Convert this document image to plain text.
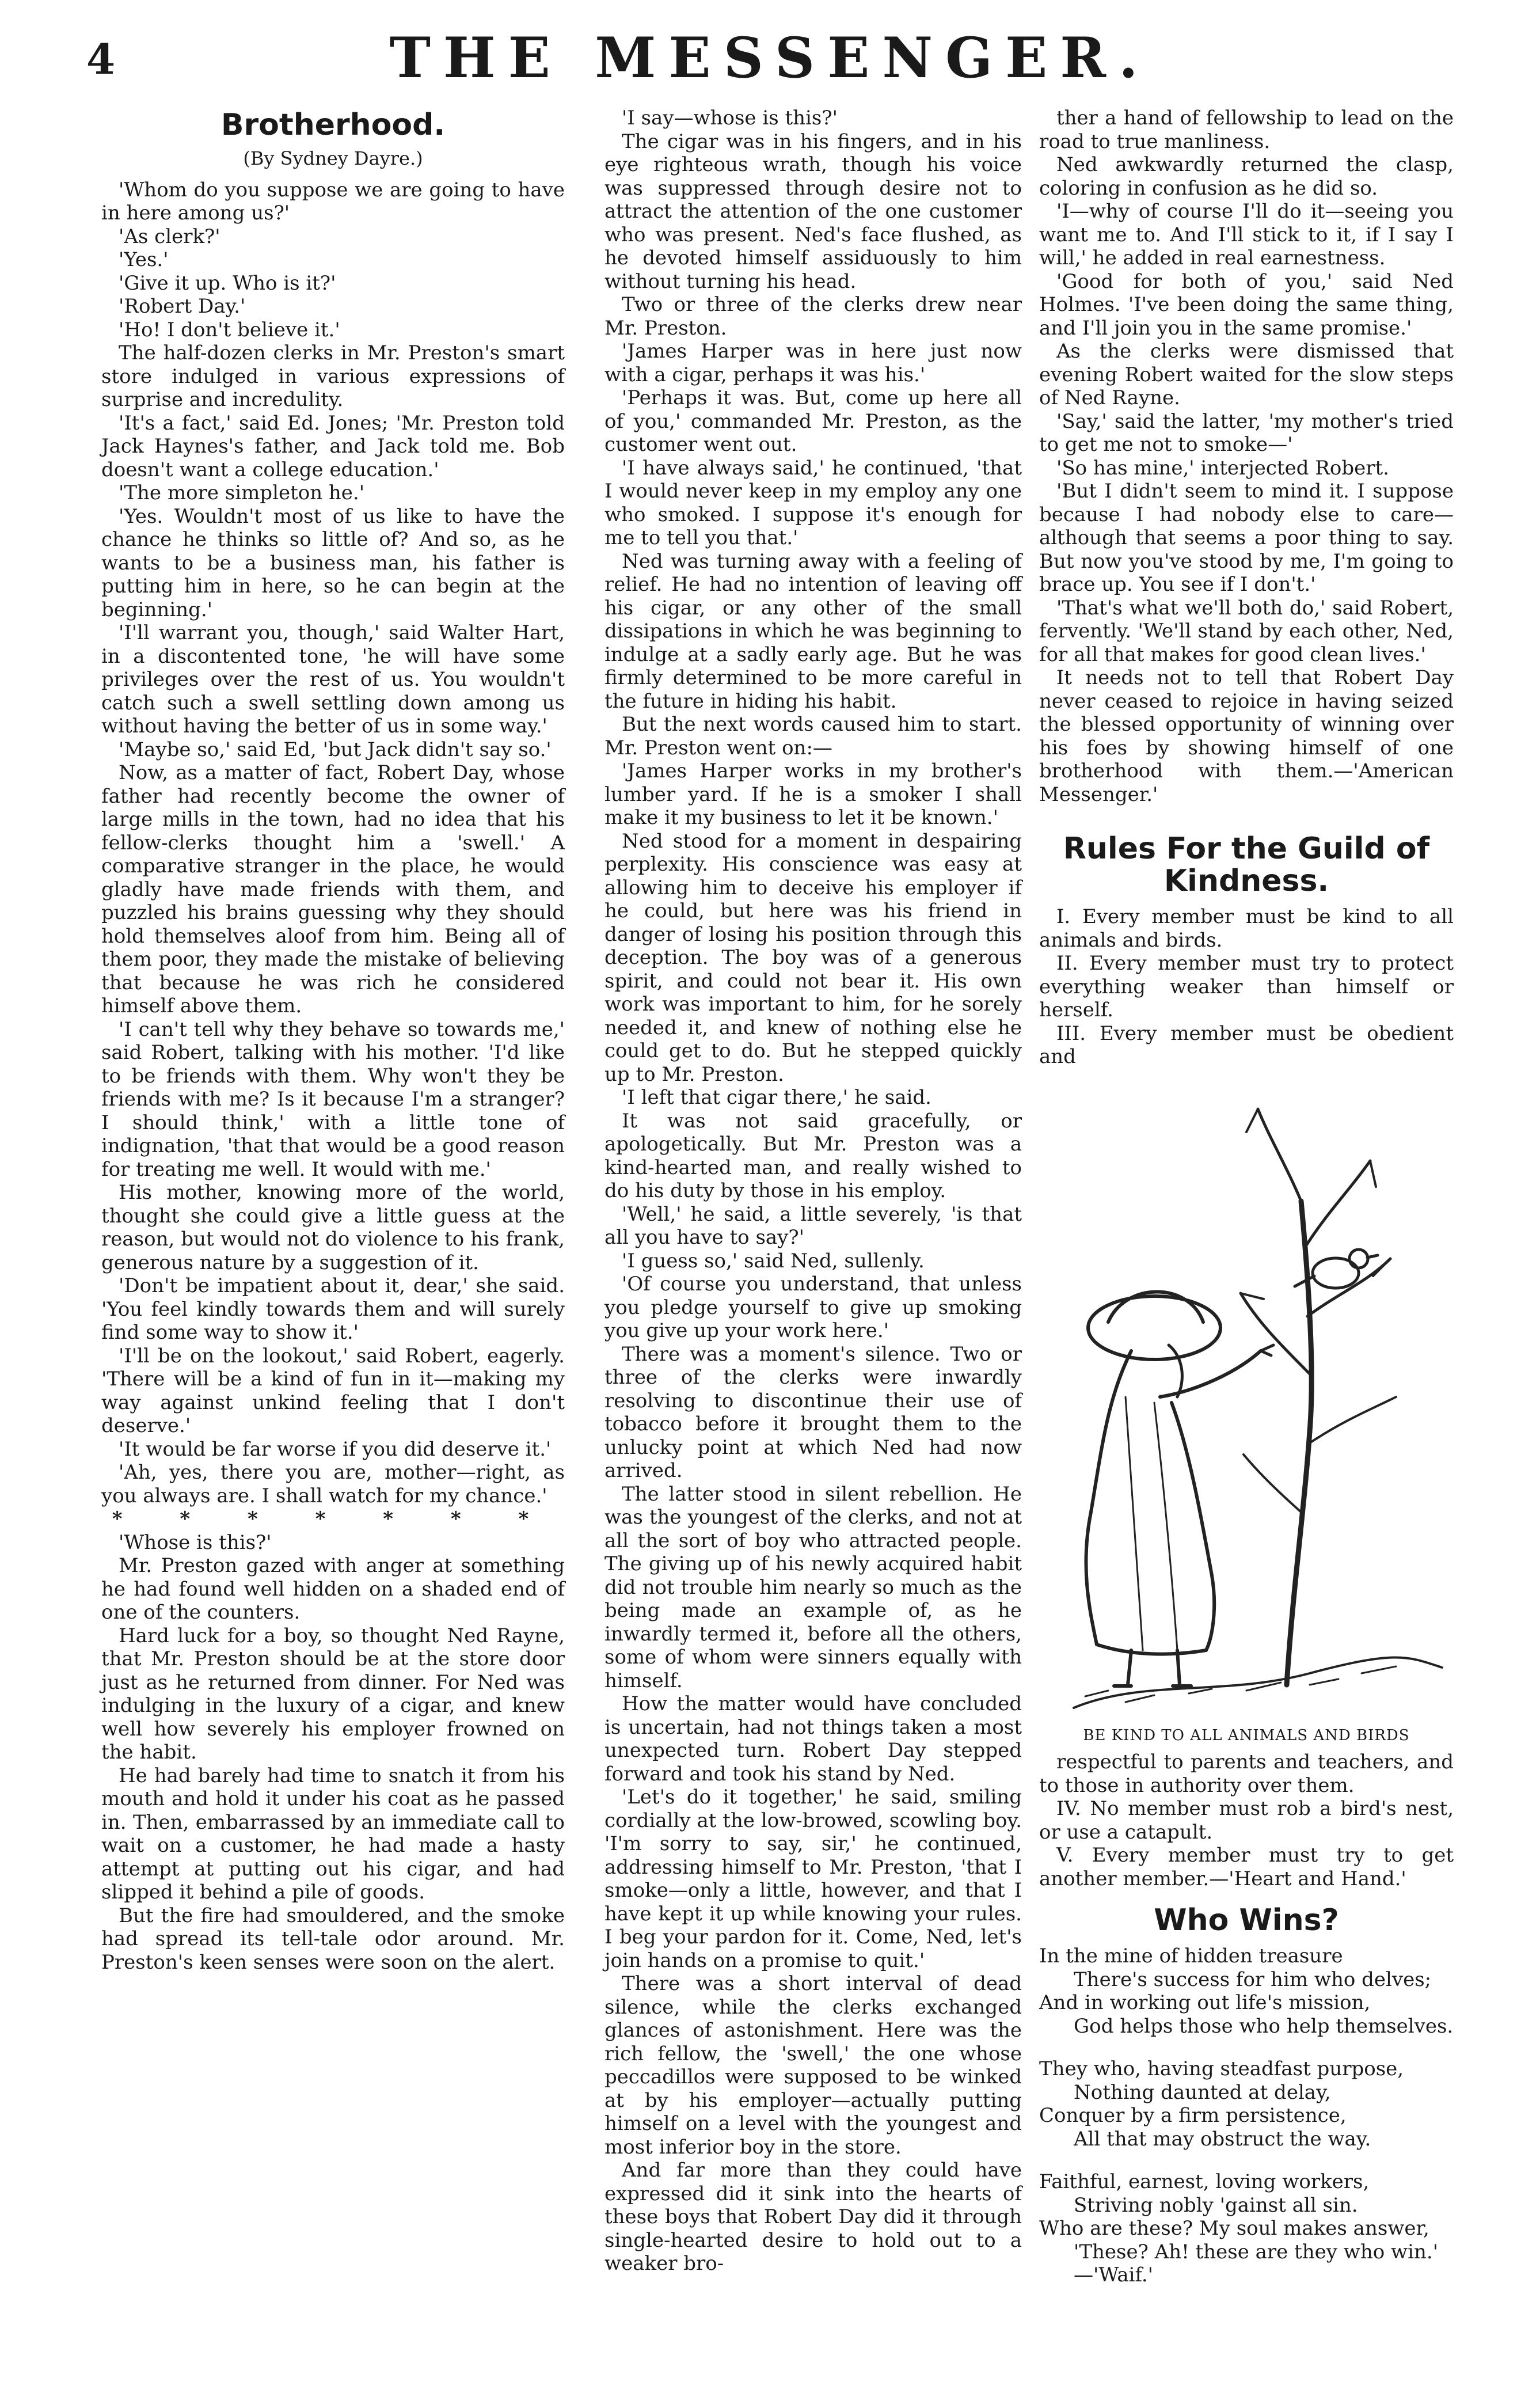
4	THE MESSENGER.
Brotherhood.
(By Sydney Dayre.)

'Whom do you suppose we are going to have in here among us?'

'As clerk?'

'Yes.'

'Give it up. Who is it?'

'Robert Day.'

'Ho! I don't believe it.'

The half-dozen clerks in Mr. Preston's smart store indulged in various expressions of surprise and incredulity.

'It's a fact,' said Ed. Jones; 'Mr. Preston told Jack Haynes's father, and Jack told me. Bob doesn't want a college education.'

'The more simpleton he.'

'Yes. Wouldn't most of us like to have the chance he thinks so little of? And so, as he wants to be a business man, his father is putting him in here, so he can begin at the beginning.'

'I'll warrant you, though,' said Walter Hart, in a discontented tone, 'he will have some privileges over the rest of us. You wouldn't catch such a swell settling down among us without having the better of us in some way.'

'Maybe so,' said Ed, 'but Jack didn't say so.'

Now, as a matter of fact, Robert Day, whose father had recently become the owner of large mills in the town, had no idea that his fellow-clerks thought him a 'swell.' A comparative stranger in the place, he would gladly have made friends with them, and puzzled his brains guessing why they should hold themselves aloof from him. Being all of them poor, they made the mistake of believing that because he was rich he considered himself above them.

'I can't tell why they behave so towards me,' said Robert, talking with his mother. 'I'd like to be friends with them. Why won't they be friends with me? Is it because I'm a stranger? I should think,' with a little tone of indignation, 'that that would be a good reason for treating me well. It would with me.'

His mother, knowing more of the world, thought she could give a little guess at the reason, but would not do violence to his frank, generous nature by a suggestion of it.

'Don't be impatient about it, dear,' she said. 'You feel kindly towards them and will surely find some way to show it.'

'I'll be on the lookout,' said Robert, eagerly. 'There will be a kind of fun in it—making my way against unkind feeling that I don't deserve.'

'It would be far worse if you did deserve it.'

'Ah, yes, there you are, mother—right, as you always are. I shall watch for my chance.'

* * * * * * *

'Whose is this?'

Mr. Preston gazed with anger at something he had found well hidden on a shaded end of one of the counters.

Hard luck for a boy, so thought Ned Rayne, that Mr. Preston should be at the store door just as he returned from dinner. For Ned was indulging in the luxury of a cigar, and knew well how severely his employer frowned on the habit.

He had barely had time to snatch it from his mouth and hold it under his coat as he passed in. Then, embarrassed by an immediate call to wait on a customer, he had made a hasty attempt at putting out his cigar, and had slipped it behind a pile of goods.

But the fire had smouldered, and the smoke had spread its tell-tale odor around. Mr. Preston's keen senses were soon on the alert.

'I say—whose is this?'

The cigar was in his fingers, and in his eye righteous wrath, though his voice was suppressed through desire not to attract the attention of the one customer who was present. Ned's face flushed, as he devoted himself assiduously to him without turning his head.

Two or three of the clerks drew near Mr. Preston.

'James Harper was in here just now with a cigar, perhaps it was his.'

'Perhaps it was. But, come up here all of you,' commanded Mr. Preston, as the customer went out.

'I have always said,' he continued, 'that I would never keep in my employ any one who smoked. I suppose it's enough for me to tell you that.'

Ned was turning away with a feeling of relief. He had no intention of leaving off his cigar, or any other of the small dissipations in which he was beginning to indulge at a sadly early age. But he was firmly determined to be more careful in the future in hiding his habit.

But the next words caused him to start. Mr. Preston went on:—

'James Harper works in my brother's lumber yard. If he is a smoker I shall make it my business to let it be known.'

Ned stood for a moment in despairing perplexity. His conscience was easy at allowing him to deceive his employer if he could, but here was his friend in danger of losing his position through this deception. The boy was of a generous spirit, and could not bear it. His own work was important to him, for he sorely needed it, and knew of nothing else he could get to do. But he stepped quickly up to Mr. Preston.

'I left that cigar there,' he said.

It was not said gracefully, or apologetically. But Mr. Preston was a kind-hearted man, and really wished to do his duty by those in his employ.

'Well,' he said, a little severely, 'is that all you have to say?'

'I guess so,' said Ned, sullenly.

'Of course you understand, that unless you pledge yourself to give up smoking you give up your work here.'

There was a moment's silence. Two or three of the clerks were inwardly resolving to discontinue their use of tobacco before it brought them to the unlucky point at which Ned had now arrived.

The latter stood in silent rebellion. He was the youngest of the clerks, and not at all the sort of boy who attracted people. The giving up of his newly acquired habit did not trouble him nearly so much as the being made an example of, as he inwardly termed it, before all the others, some of whom were sinners equally with himself.

How the matter would have concluded is uncertain, had not things taken a most unexpected turn. Robert Day stepped forward and took his stand by Ned.

'Let's do it together,' he said, smiling cordially at the low-browed, scowling boy. 'I'm sorry to say, sir,' he continued, addressing himself to Mr. Preston, 'that I smoke—only a little, however, and that I have kept it up while knowing your rules. I beg your pardon for it. Come, Ned, let's join hands on a promise to quit.'

There was a short interval of dead silence, while the clerks exchanged glances of astonishment. Here was the rich fellow, the 'swell,' the one whose peccadillos were supposed to be winked at by his employer—actually putting himself on a level with the youngest and most inferior boy in the store.

And far more than they could have expressed did it sink into the hearts of these boys that Robert Day did it through single-hearted desire to hold out to a weaker bro-

ther a hand of fellowship to lead on the road to true manliness.

Ned awkwardly returned the clasp, coloring in confusion as he did so.

'I—why of course I'll do it—seeing you want me to. And I'll stick to it, if I say I will,' he added in real earnestness.

'Good for both of you,' said Ned Holmes. 'I've been doing the same thing, and I'll join you in the same promise.'

As the clerks were dismissed that evening Robert waited for the slow steps of Ned Rayne.

'Say,' said the latter, 'my mother's tried to get me not to smoke—'

'So has mine,' interjected Robert.

'But I didn't seem to mind it. I suppose because I had nobody else to care—although that seems a poor thing to say. But now you've stood by me, I'm going to brace up. You see if I don't.'

'That's what we'll both do,' said Robert, fervently. 'We'll stand by each other, Ned, for all that makes for good clean lives.'

It needs not to tell that Robert Day never ceased to rejoice in having seized the blessed opportunity of winning over his foes by showing himself of one brotherhood with them.—'American Messenger.'

Rules For the Guild of Kindness.

I. Every member must be kind to all animals and birds.

II. Every member must try to protect everything weaker than himself or herself.

III. Every member must be obedient and

BE KIND TO ALL ANIMALS AND BIRDS

respectful to parents and teachers, and to those in authority over them.

IV. No member must rob a bird's nest, or use a catapult.

V. Every member must try to get another member.—'Heart and Hand.'

Who Wins?

In the mine of hidden treasure

There's success for him who delves;

And in working out life's mission,

God helps those who help themselves.

They who, having steadfast purpose,

Nothing daunted at delay,

Conquer by a firm persistence,

All that may obstruct the way.

Faithful, earnest, loving workers,

Striving nobly 'gainst all sin.

Who are these? My soul makes answer,

'These? Ah! these are they who win.'

—'Waif.'
